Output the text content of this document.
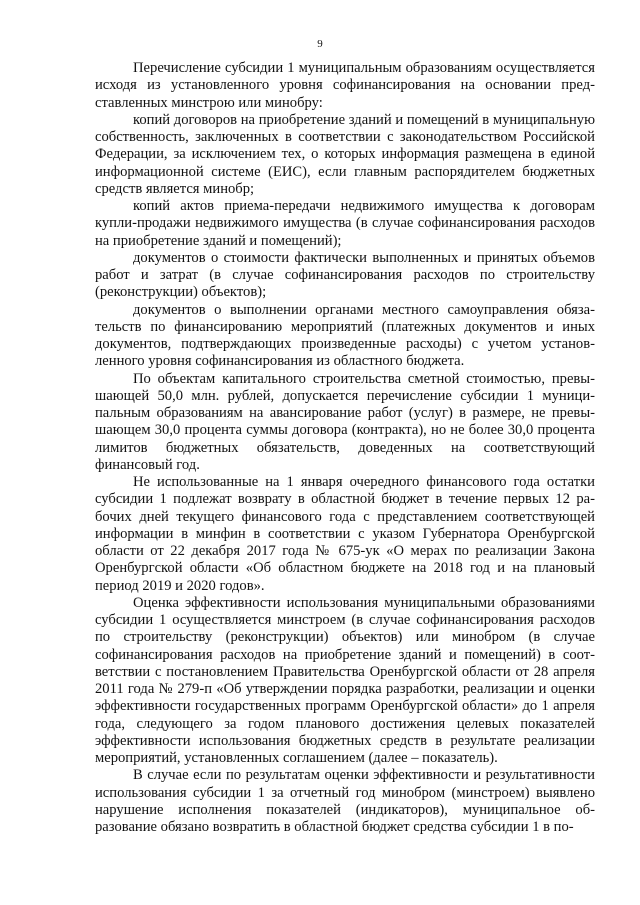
9

Перечисление субсидии 1 муниципальным образованиям осуществляется исходя из установленного уровня софинансирования на основании представленных минстрою или минобру:

копий договоров на приобретение зданий и помещений в муниципальную собственность, заключенных в соответствии с законодательством Российской Федерации, за исключением тех, о которых информация размещена в единой информационной системе (ЕИС), если главным распорядителем бюджетных средств является минобр;

копий актов приема-передачи недвижимого имущества к договорам купли-продажи недвижимого имущества (в случае софинансирования расходов на приобретение зданий и помещений);

документов о стоимости фактически выполненных и принятых объемов работ и затрат (в случае софинансирования расходов по строительству (реконструкции) объектов);

документов о выполнении органами местного самоуправления обязательств по финансированию мероприятий (платежных документов и иных документов, подтверждающих произведенные расходы) с учетом установленного уровня софинансирования из областного бюджета.

По объектам капитального строительства сметной стоимостью, превышающей 50,0 млн. рублей, допускается перечисление субсидии 1 муниципальным образованиям на авансирование работ (услуг) в размере, не превышающем 30,0 процента суммы договора (контракта), но не более 30,0 процента лимитов бюджетных обязательств, доведенных на соответствующий финансовый год.

Не использованные на 1 января очередного финансового года остатки субсидии 1 подлежат возврату в областной бюджет в течение первых 12 рабочих дней текущего финансового года с представлением соответствующей информации в минфин в соответствии с указом Губернатора Оренбургской области от 22 декабря 2017 года № 675-ук «О мерах по реализации Закона Оренбургской области «Об областном бюджете на 2018 год и на плановый период 2019 и 2020 годов».

Оценка эффективности использования муниципальными образованиями субсидии 1 осуществляется минстроем (в случае софинансирования расходов по строительству (реконструкции) объектов) или минобром (в случае софинансирования расходов на приобретение зданий и помещений) в соответствии с постановлением Правительства Оренбургской области от 28 апреля 2011 года № 279-п «Об утверждении порядка разработки, реализации и оценки эффективности государственных программ Оренбургской области» до 1 апреля года, следующего за годом планового достижения целевых показателей эффективности использования бюджетных средств в результате реализации мероприятий, установленных соглашением (далее – показатель).

В случае если по результатам оценки эффективности и результативности использования субсидии 1 за отчетный год минобром (минстроем) выявлено нарушение исполнения показателей (индикаторов), муниципальное образование обязано возвратить в областной бюджет средства субсидии 1 в по-
